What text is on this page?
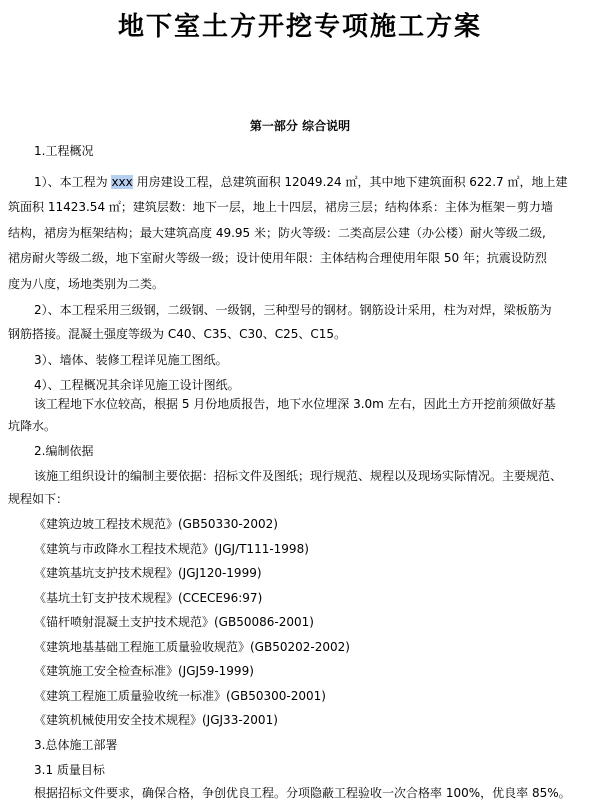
地下室土方开挖专项施工方案
第一部分 综合说明
1.工程概况
1）、本工程为 xxx 用房建设工程，总建筑面积 12049.24 ㎡，其中地下建筑面积 622.7 ㎡，地上建
筑面积 11423.54 ㎡；建筑层数：地下一层，地上十四层，裙房三层；结构体系：主体为框架－剪力墙
结构，裙房为框架结构；最大建筑高度 49.95 米；防火等级：二类高层公建（办公楼）耐火等级二级,
裙房耐火等级二级，地下室耐火等级一级；设计使用年限：主体结构合理使用年限 50 年；抗震设防烈
度为八度，场地类别为二类。
2）、本工程采用三级钢，二级钢、一级钢，三种型号的钢材。钢筋设计采用，柱为对焊，梁板筋为
钢筋搭接。混凝土强度等级为 C40、C35、C30、C25、C15。
3）、墙体、装修工程详见施工图纸。
4）、工程概况其余详见施工设计图纸。
该工程地下水位较高，根据 5 月份地质报告，地下水位埋深 3.0m 左右，因此土方开挖前须做好基
坑降水。
2.编制依据
该施工组织设计的编制主要依据：招标文件及图纸；现行规范、规程以及现场实际情况。主要规范、
规程如下：
《建筑边坡工程技术规范》(GB50330-2002)
《建筑与市政降水工程技术规范》(JGJ/T111-1998)
《建筑基坑支护技术规程》(JGJ120-1999)
《基坑土钉支护技术规程》(CCECE96:97)
《锚杆喷射混凝土支护技术规范》(GB50086-2001)
《建筑地基基础工程施工质量验收规范》(GB50202-2002)
《建筑施工安全检查标准》(JGJ59-1999)
《建筑工程施工质量验收统一标准》(GB50300-2001)
《建筑机械使用安全技术规程》(JGJ33-2001)
3.总体施工部署
3.1 质量目标
根据招标文件要求，确保合格，争创优良工程。分项隐蔽工程验收一次合格率 100%，优良率 85%。
